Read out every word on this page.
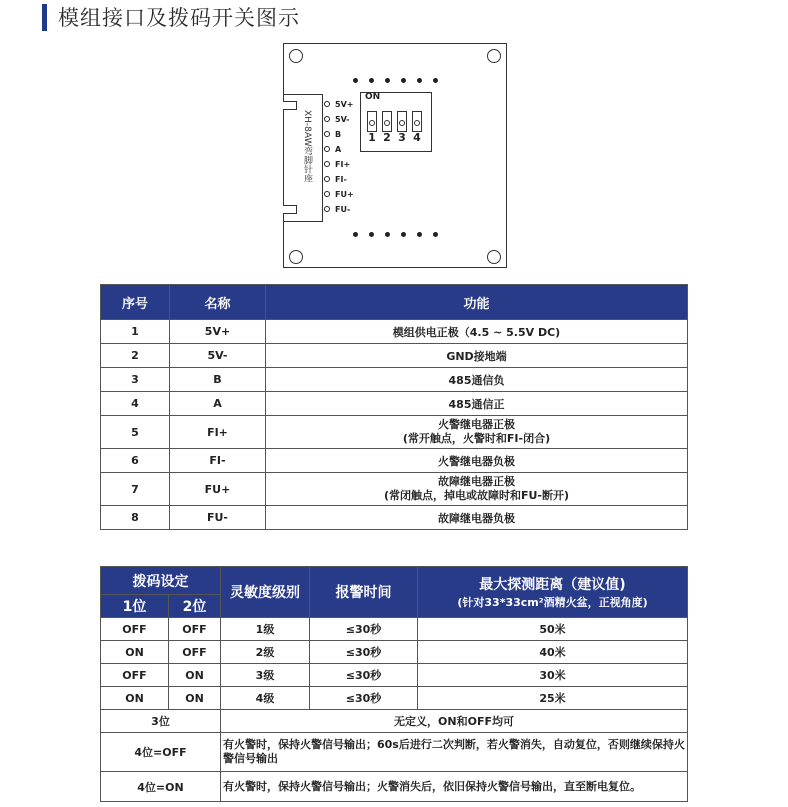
模组接口及拨码开关图示
XH-8AW弯脚针座
5V+
5V-
B
A
FI+
FI-
FU+
FU-
ON
1 2 3 4
序号	名称	功能
1	5V+	模组供电正极（4.5 ~ 5.5V DC)
2	5V-	GND接地端
3	B	485通信负
4	A	485通信正
5	FI+	火警继电器正极
(常开触点，火警时和FI-闭合)

6	FI-	火警继电器负极
7	FU+	故障继电器正极
(常闭触点，掉电或故障时和FU-断开)

8	FU-	故障继电器负极
拨码设定		灵敏度级别	报警时间	最大探测距离（建议值)
(针对33*33cm²酒精火盆，正视角度)

1位	2位			
OFF	OFF	1级	≤30秒	50米
ON	OFF	2级	≤30秒	40米
OFF	ON	3级	≤30秒	30米
ON	ON	4级	≤30秒	25米
3位		无定义，ON和OFF均可		
4位=OFF		有火警时，保持火警信号输出；60s后进行二次判断，若火警消失，自动复位，否则继续保持火警信号输出		
4位=ON		有火警时，保持火警信号输出；火警消失后，依旧保持火警信号输出，直至断电复位。		
